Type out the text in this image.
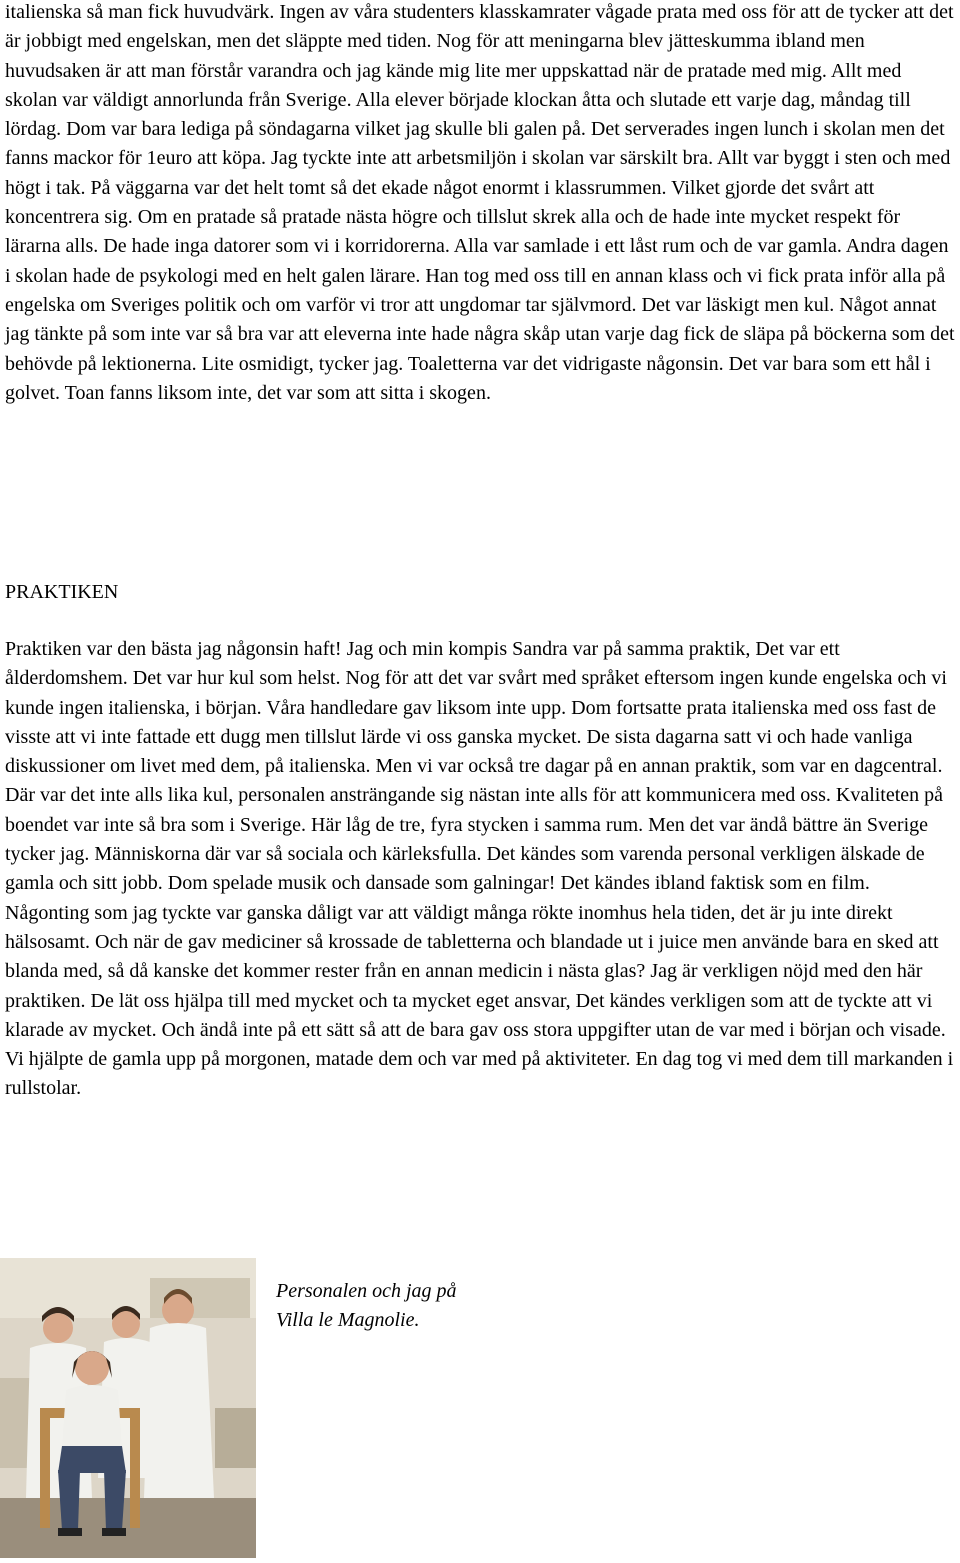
italienska så man fick huvudvärk. Ingen av våra studenters klasskamrater vågade prata med oss för att de tycker att det är jobbigt med engelskan, men det släppte med tiden. Nog för att meningarna blev jätteskumma ibland men huvudsaken är att man förstår varandra och jag kände mig lite mer uppskattad när de pratade med mig. Allt med skolan var väldigt annorlunda från Sverige. Alla elever började klockan åtta och slutade ett varje dag, måndag till lördag. Dom var bara lediga på söndagarna vilket jag skulle bli galen på. Det serverades ingen lunch i skolan men det fanns mackor för 1euro att köpa. Jag tyckte inte att arbetsmiljön i skolan var särskilt bra. Allt var byggt i sten och med högt i tak. På väggarna var det helt tomt så det ekade något enormt i klassrummen. Vilket gjorde det svårt att koncentrera sig. Om en pratade så pratade nästa högre och tillslut skrek alla och de hade inte mycket respekt för lärarna alls. De hade inga datorer som vi i korridorerna. Alla var samlade i ett låst rum och de var gamla. Andra dagen i skolan hade de psykologi med en helt galen lärare. Han tog med oss till en annan klass och vi fick prata inför alla på engelska om Sveriges politik och om varför vi tror att ungdomar tar självmord. Det var läskigt men kul. Något annat jag tänkte på som inte var så bra var att eleverna inte hade några skåp utan varje dag fick de släpa på böckerna som det behövde på lektionerna. Lite osmidigt, tycker jag. Toaletterna var det vidrigaste någonsin. Det var bara som ett hål i golvet. Toan fanns liksom inte, det var som att sitta i skogen.

PRAKTIKEN

Praktiken var den bästa jag någonsin haft! Jag och min kompis Sandra var på samma praktik, Det var ett ålderdomshem. Det var hur kul som helst. Nog för att det var svårt med språket eftersom ingen kunde engelska och vi kunde ingen italienska, i början. Våra handledare gav liksom inte upp. Dom fortsatte prata italienska med oss fast de visste att vi inte fattade ett dugg men tillslut lärde vi oss ganska mycket. De sista dagarna satt vi och hade vanliga diskussioner om livet med dem, på italienska. Men vi var också tre dagar på en annan praktik, som var en dagcentral. Där var det inte alls lika kul, personalen ansträngande sig nästan inte alls för att kommunicera med oss. Kvaliteten på boendet var inte så bra som i Sverige. Här låg de tre, fyra stycken i samma rum. Men det var ändå bättre än Sverige tycker jag. Människorna där var så sociala och kärleksfulla. Det kändes som varenda personal verkligen älskade de gamla och sitt jobb. Dom spelade musik och dansade som galningar! Det kändes ibland faktisk som en film. Någonting som jag tyckte var ganska dåligt var att väldigt många rökte inomhus hela tiden, det är ju inte direkt hälsosamt. Och när de gav mediciner så krossade de tabletterna och blandade ut i juice men använde bara en sked att blanda med, så då kanske det kommer rester från en annan medicin i nästa glas? Jag är verkligen nöjd med den här praktiken. De lät oss hjälpa till med mycket och ta mycket eget ansvar, Det kändes verkligen som att de tyckte att vi klarade av mycket. Och ändå inte på ett sätt så att de bara gav oss stora uppgifter utan de var med i början och visade. Vi hjälpte de gamla upp på morgonen, matade dem och var med på aktiviteter. En dag tog vi med dem till markanden i rullstolar.

Personalen och jag på
Villa le Magnolie.
